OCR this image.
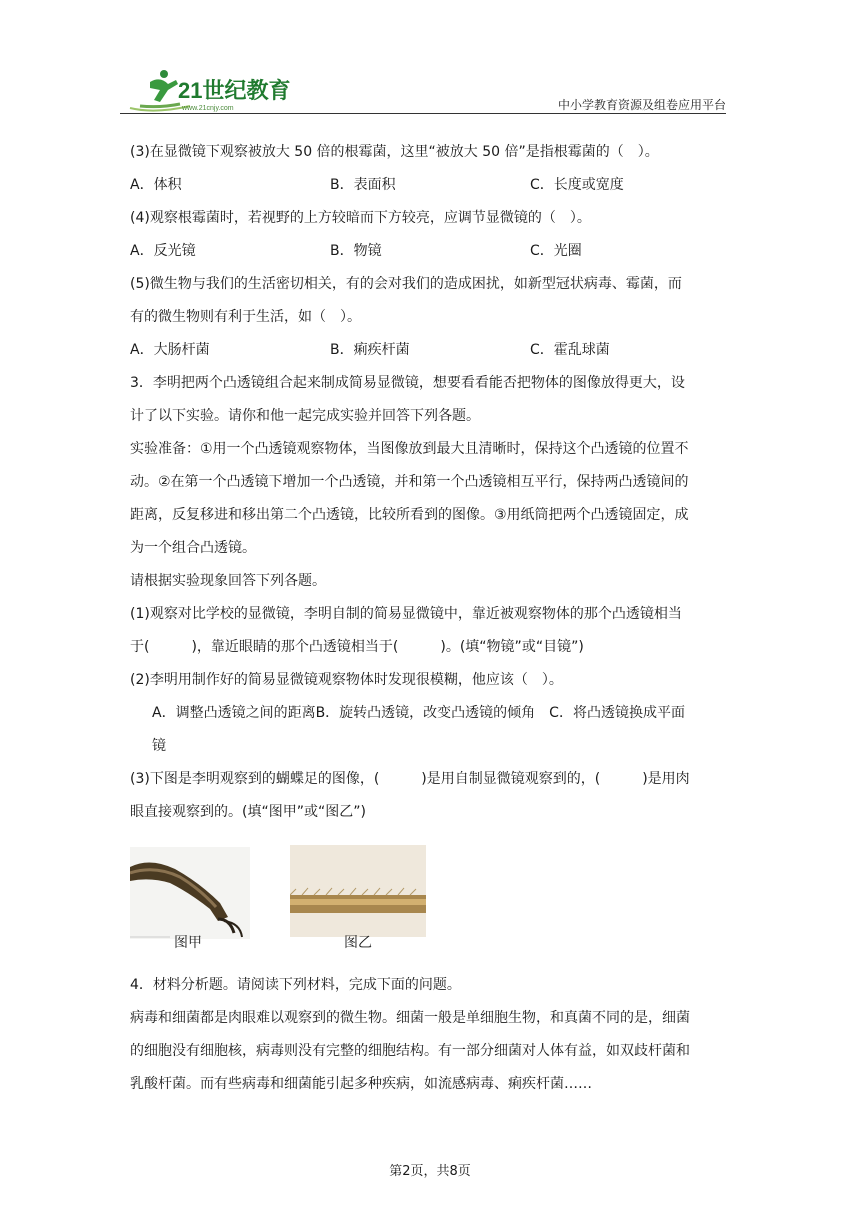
21世纪教育
www.21cnjy.com	中小学教育资源及组卷应用平台

(3)在显微镜下观察被放大 50 倍的根霉菌，这里“被放大 50 倍”是指根霉菌的（　）。

A．体积	B．表面积	C．长度或宽度

(4)观察根霉菌时，若视野的上方较暗而下方较亮，应调节显微镜的（　）。

A．反光镜	B．物镜	C．光圈

(5)微生物与我们的生活密切相关，有的会对我们的造成困扰，如新型冠状病毒、霉菌，而

有的微生物则有利于生活，如（　）。

A．大肠杆菌	B．痢疾杆菌	C．霍乱球菌

3．李明把两个凸透镜组合起来制成简易显微镜，想要看看能否把物体的图像放得更大，设

计了以下实验。请你和他一起完成实验并回答下列各题。

实验准备：①用一个凸透镜观察物体，当图像放到最大且清晰时，保持这个凸透镜的位置不

动。②在第一个凸透镜下增加一个凸透镜，并和第一个凸透镜相互平行，保持两凸透镜间的

距离，反复移进和移出第二个凸透镜，比较所看到的图像。③用纸筒把两个凸透镜固定，成

为一个组合凸透镜。

请根据实验现象回答下列各题。

(1)观察对比学校的显微镜，李明自制的简易显微镜中，靠近被观察物体的那个凸透镜相当

于(　　　)，靠近眼睛的那个凸透镜相当于(　　　)。(填“物镜”或“目镜”)

(2)李明用制作好的简易显微镜观察物体时发现很模糊，他应该（　）。

A．调整凸透镜之间的距离B．旋转凸透镜，改变凸透镜的倾角　C．将凸透镜换成平面

镜

(3)下图是李明观察到的蝴蝶足的图像，(　　　)是用自制显微镜观察到的，(　　　)是用肉

眼直接观察到的。(填“图甲”或“图乙”)

图甲	图乙

4．材料分析题。请阅读下列材料，完成下面的问题。

病毒和细菌都是肉眼难以观察到的微生物。细菌一般是单细胞生物，和真菌不同的是，细菌

的细胞没有细胞核，病毒则没有完整的细胞结构。有一部分细菌对人体有益，如双歧杆菌和

乳酸杆菌。而有些病毒和细菌能引起多种疾病，如流感病毒、痢疾杆菌……

第2页，共8页
